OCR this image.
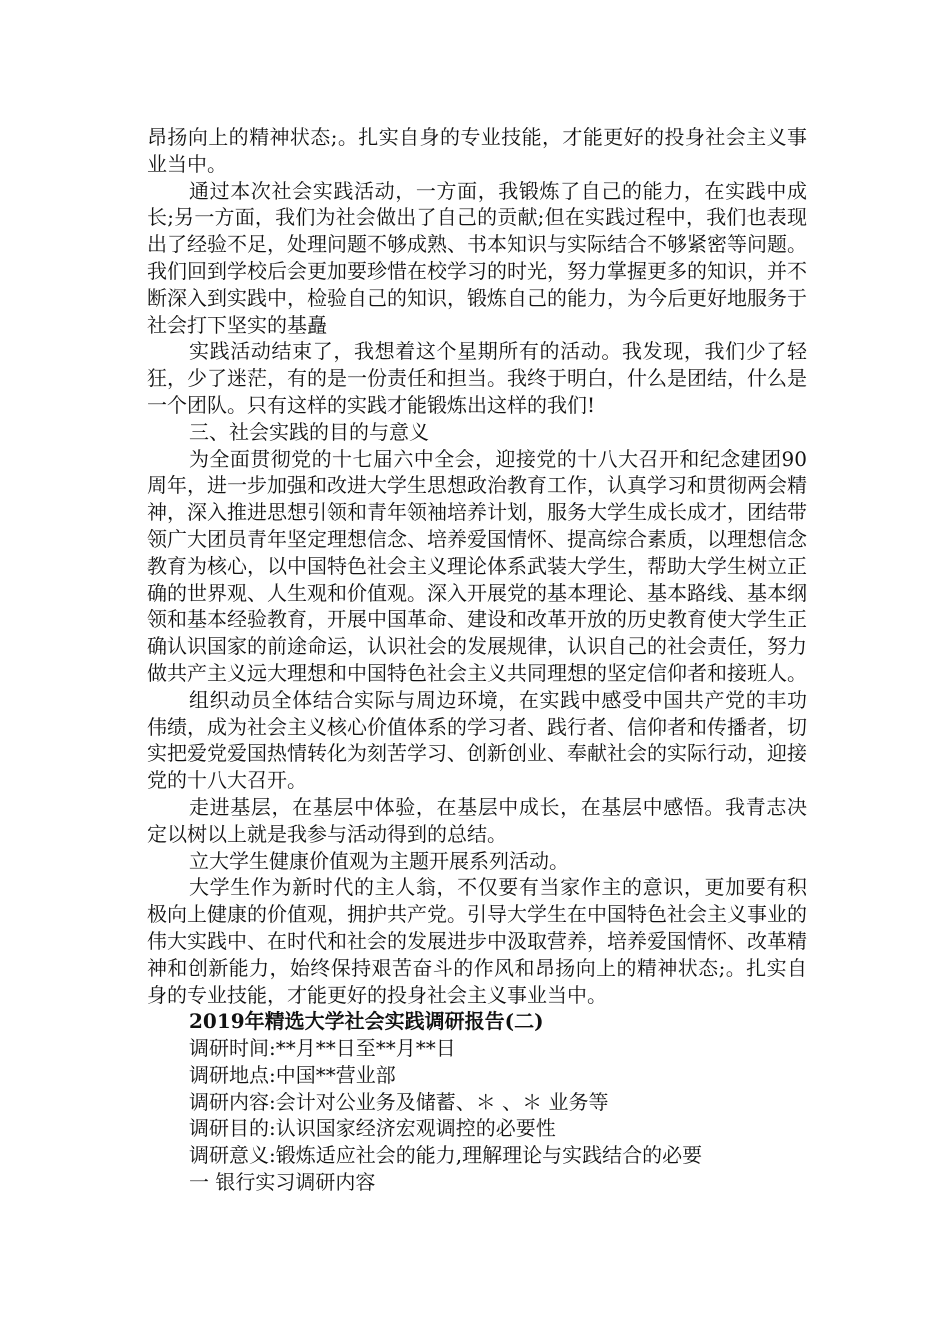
昂扬向上的精神状态;。扎实自身的专业技能，才能更好的投身社会主义事业当中。

通过本次社会实践活动，一方面，我锻炼了自己的能力，在实践中成长;另一方面，我们为社会做出了自己的贡献;但在实践过程中，我们也表现出了经验不足，处理问题不够成熟、书本知识与实际结合不够紧密等问题。我们回到学校后会更加要珍惜在校学习的时光，努力掌握更多的知识，并不断深入到实践中，检验自己的知识，锻炼自己的能力，为今后更好地服务于社会打下坚实的基矗

实践活动结束了，我想着这个星期所有的活动。我发现，我们少了轻狂，少了迷茫，有的是一份责任和担当。我终于明白，什么是团结，什么是一个团队。只有这样的实践才能锻炼出这样的我们!

三、社会实践的目的与意义

为全面贯彻党的十七届六中全会，迎接党的十八大召开和纪念建团90周年，进一步加强和改进大学生思想政治教育工作，认真学习和贯彻两会精神，深入推进思想引领和青年领袖培养计划，服务大学生成长成才，团结带领广大团员青年坚定理想信念、培养爱国情怀、提高综合素质，以理想信念教育为核心，以中国特色社会主义理论体系武装大学生，帮助大学生树立正确的世界观、人生观和价值观。深入开展党的基本理论、基本路线、基本纲领和基本经验教育，开展中国革命、建设和改革开放的历史教育使大学生正确认识国家的前途命运，认识社会的发展规律，认识自己的社会责任，努力做共产主义远大理想和中国特色社会主义共同理想的坚定信仰者和接班人。

组织动员全体结合实际与周边环境，在实践中感受中国共产党的丰功伟绩，成为社会主义核心价值体系的学习者、践行者、信仰者和传播者，切实把爱党爱国热情转化为刻苦学习、创新创业、奉献社会的实际行动，迎接党的十八大召开。

走进基层，在基层中体验，在基层中成长，在基层中感悟。我青志决定以树以上就是我参与活动得到的总结。

立大学生健康价值观为主题开展系列活动。

大学生作为新时代的主人翁，不仅要有当家作主的意识，更加要有积极向上健康的价值观，拥护共产党。引导大学生在中国特色社会主义事业的伟大实践中、在时代和社会的发展进步中汲取营养，培养爱国情怀、改革精神和创新能力，始终保持艰苦奋斗的作风和昂扬向上的精神状态;。扎实自身的专业技能，才能更好的投身社会主义事业当中。

2019年精选大学社会实践调研报告(二)

调研时间:**月**日至**月**日

调研地点:中国**营业部

调研内容:会计对公业务及储蓄、＊ 、＊ 业务等

调研目的:认识国家经济宏观调控的必要性

调研意义:锻炼适应社会的能力,理解理论与实践结合的必要

一 银行实习调研内容
